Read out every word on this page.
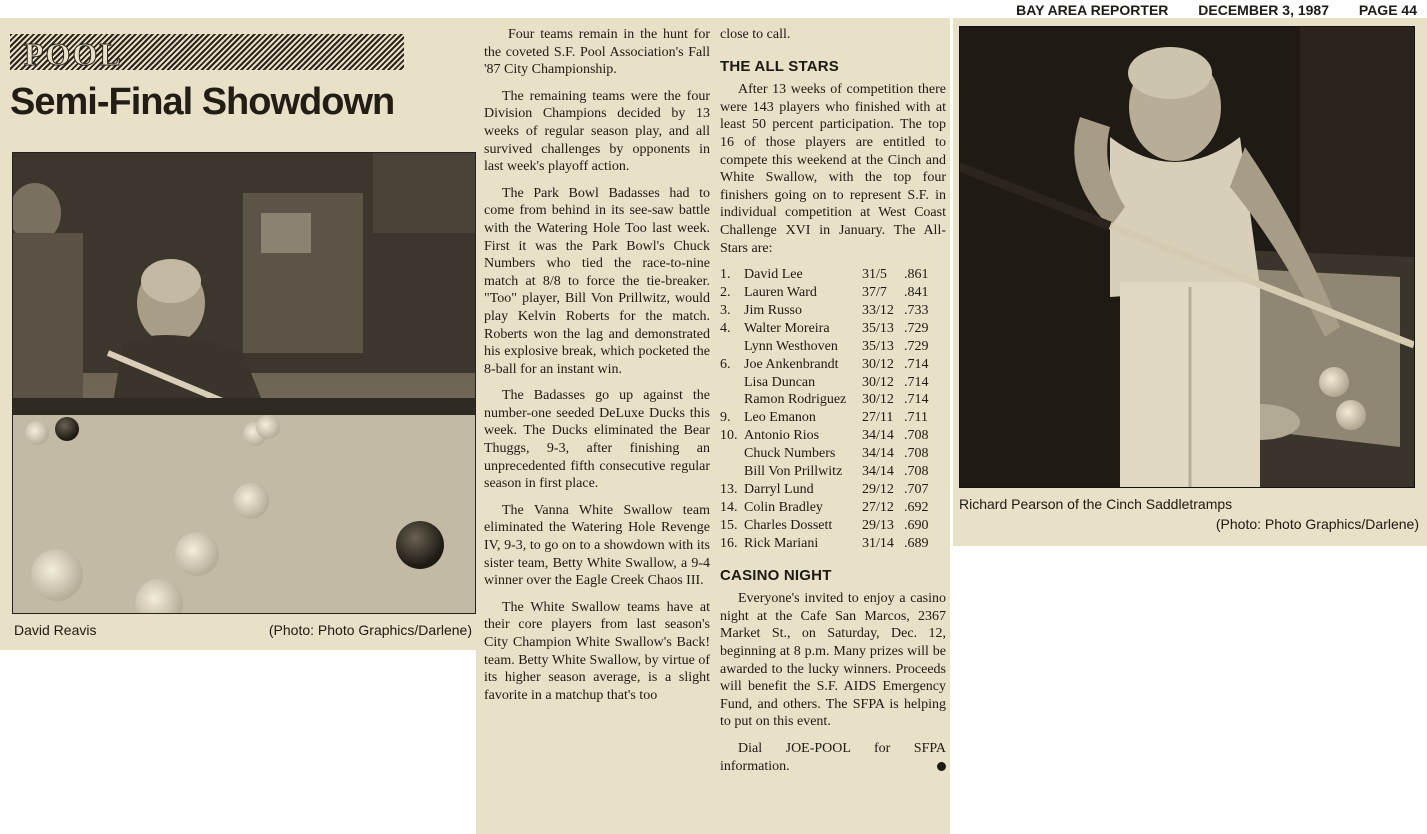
BAY AREA REPORTER DECEMBER 3, 1987 PAGE 44
POOL
Semi-Final Showdown
David Reavis	(Photo: Photo Graphics/Darlene)

Four teams remain in the hunt for the coveted S.F. Pool Association's Fall '87 City Championship.

The remaining teams were the four Division Champions decided by 13 weeks of regular season play, and all survived challenges by opponents in last week's playoff action.

The Park Bowl Badasses had to come from behind in its see-saw battle with the Watering Hole Too last week. First it was the Park Bowl's Chuck Numbers who tied the race-to-nine match at 8/8 to force the tie-breaker. "Too" player, Bill Von Prillwitz, would play Kelvin Roberts for the match. Roberts won the lag and demonstrated his explosive break, which pocketed the 8-ball for an instant win.

The Badasses go up against the number-one seeded DeLuxe Ducks this week. The Ducks eliminated the Bear Thuggs, 9-3, after finishing an unprecedented fifth consecutive regular season in first place.

The Vanna White Swallow team eliminated the Watering Hole Revenge IV, 9-3, to go on to a showdown with its sister team, Betty White Swallow, a 9-4 winner over the Eagle Creek Chaos III.

The White Swallow teams have at their core players from last season's City Champion White Swallow's Back! team. Betty White Swallow, by virtue of its higher season average, is a slight favorite in a matchup that's too

close to call.

THE ALL STARS

After 13 weeks of competition there were 143 players who finished with at least 50 percent participation. The top 16 of those players are entitled to compete this weekend at the Cinch and White Swallow, with the top four finishers going on to represent S.F. in individual competition at West Coast Challenge XVI in January. The All-Stars are:

1.	David Lee	31/5	.861
2.	Lauren Ward	37/7	.841
3.	Jim Russo	33/12	.733
4.	Walter Moreira	35/13	.729
	Lynn Westhoven	35/13	.729
6.	Joe Ankenbrandt	30/12	.714
	Lisa Duncan	30/12	.714
	Ramon Rodriguez	30/12	.714
9.	Leo Emanon	27/11	.711
10.	Antonio Rios	34/14	.708
	Chuck Numbers	34/14	.708
	Bill Von Prillwitz	34/14	.708
13.	Darryl Lund	29/12	.707
14.	Colin Bradley	27/12	.692
15.	Charles Dossett	29/13	.690
16.	Rick Mariani	31/14	.689
CASINO NIGHT

Everyone's invited to enjoy a casino night at the Cafe San Marcos, 2367 Market St., on Saturday, Dec. 12, beginning at 8 p.m. Many prizes will be awarded to the lucky winners. Proceeds will benefit the S.F. AIDS Emergency Fund, and others. The SFPA is helping to put on this event.

Dial JOE-POOL for SFPA information.

Richard Pearson of the Cinch Saddletramps
(Photo: Photo Graphics/Darlene)
